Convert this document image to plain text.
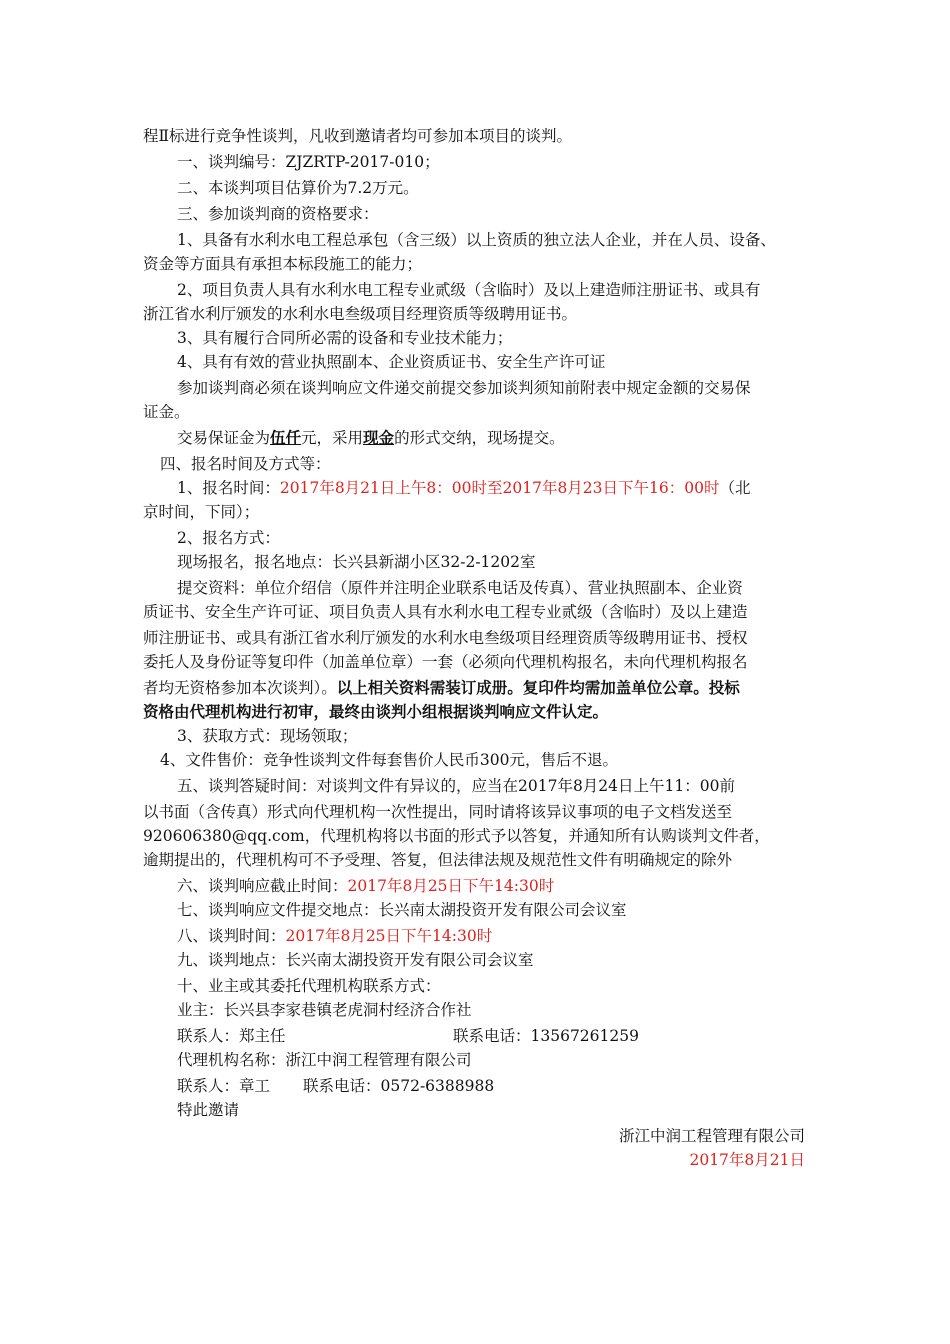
程Ⅱ标进行竞争性谈判，凡收到邀请者均可参加本项目的谈判。
一、谈判编号：ZJZRTP-2017-010；
二、本谈判项目估算价为7.2万元。
三、参加谈判商的资格要求：
1、具备有水利水电工程总承包（含三级）以上资质的独立法人企业，并在人员、设备、
资金等方面具有承担本标段施工的能力；
2、项目负责人具有水利水电工程专业贰级（含临时）及以上建造师注册证书、或具有
浙江省水利厅颁发的水利水电叁级项目经理资质等级聘用证书。
3、具有履行合同所必需的设备和专业技术能力；
4、具有有效的营业执照副本、企业资质证书、安全生产许可证
参加谈判商必须在谈判响应文件递交前提交参加谈判须知前附表中规定金额的交易保
证金。
交易保证金为伍仟元，采用现金的形式交纳，现场提交。
四、报名时间及方式等：
1、报名时间：2017年8月21日上午8：00时至2017年8月23日下午16：00时（北
京时间，下同）；
2、报名方式：
现场报名，报名地点：长兴县新湖小区32-2-1202室
提交资料：单位介绍信（原件并注明企业联系电话及传真）、营业执照副本、企业资
质证书、安全生产许可证、项目负责人具有水利水电工程专业贰级（含临时）及以上建造
师注册证书、或具有浙江省水利厅颁发的水利水电叁级项目经理资质等级聘用证书、授权
委托人及身份证等复印件（加盖单位章）一套（必须向代理机构报名，未向代理机构报名
者均无资格参加本次谈判）。以上相关资料需装订成册。复印件均需加盖单位公章。投标
资格由代理机构进行初审，最终由谈判小组根据谈判响应文件认定。
3、获取方式：现场领取；
4、文件售价：竞争性谈判文件每套售价人民币300元，售后不退。
五、谈判答疑时间：对谈判文件有异议的，应当在2017年8月24日上午11：00前
以书面（含传真）形式向代理机构一次性提出，同时请将该异议事项的电子文档发送至
920606380@qq.com，代理机构将以书面的形式予以答复，并通知所有认购谈判文件者，
逾期提出的，代理机构可不予受理、答复，但法律法规及规范性文件有明确规定的除外
六、谈判响应截止时间：2017年8月25日下午14:30时
七、谈判响应文件提交地点：长兴南太湖投资开发有限公司会议室
八、谈判时间：2017年8月25日下午14:30时
九、谈判地点：长兴南太湖投资开发有限公司会议室
十、业主或其委托代理机构联系方式：
业主：长兴县李家巷镇老虎洞村经济合作社
联系人：郑主任	联系电话：13567261259
代理机构名称：浙江中润工程管理有限公司
联系人：章工 联系电话：0572-6388988
特此邀请
浙江中润工程管理有限公司
2017年8月21日
